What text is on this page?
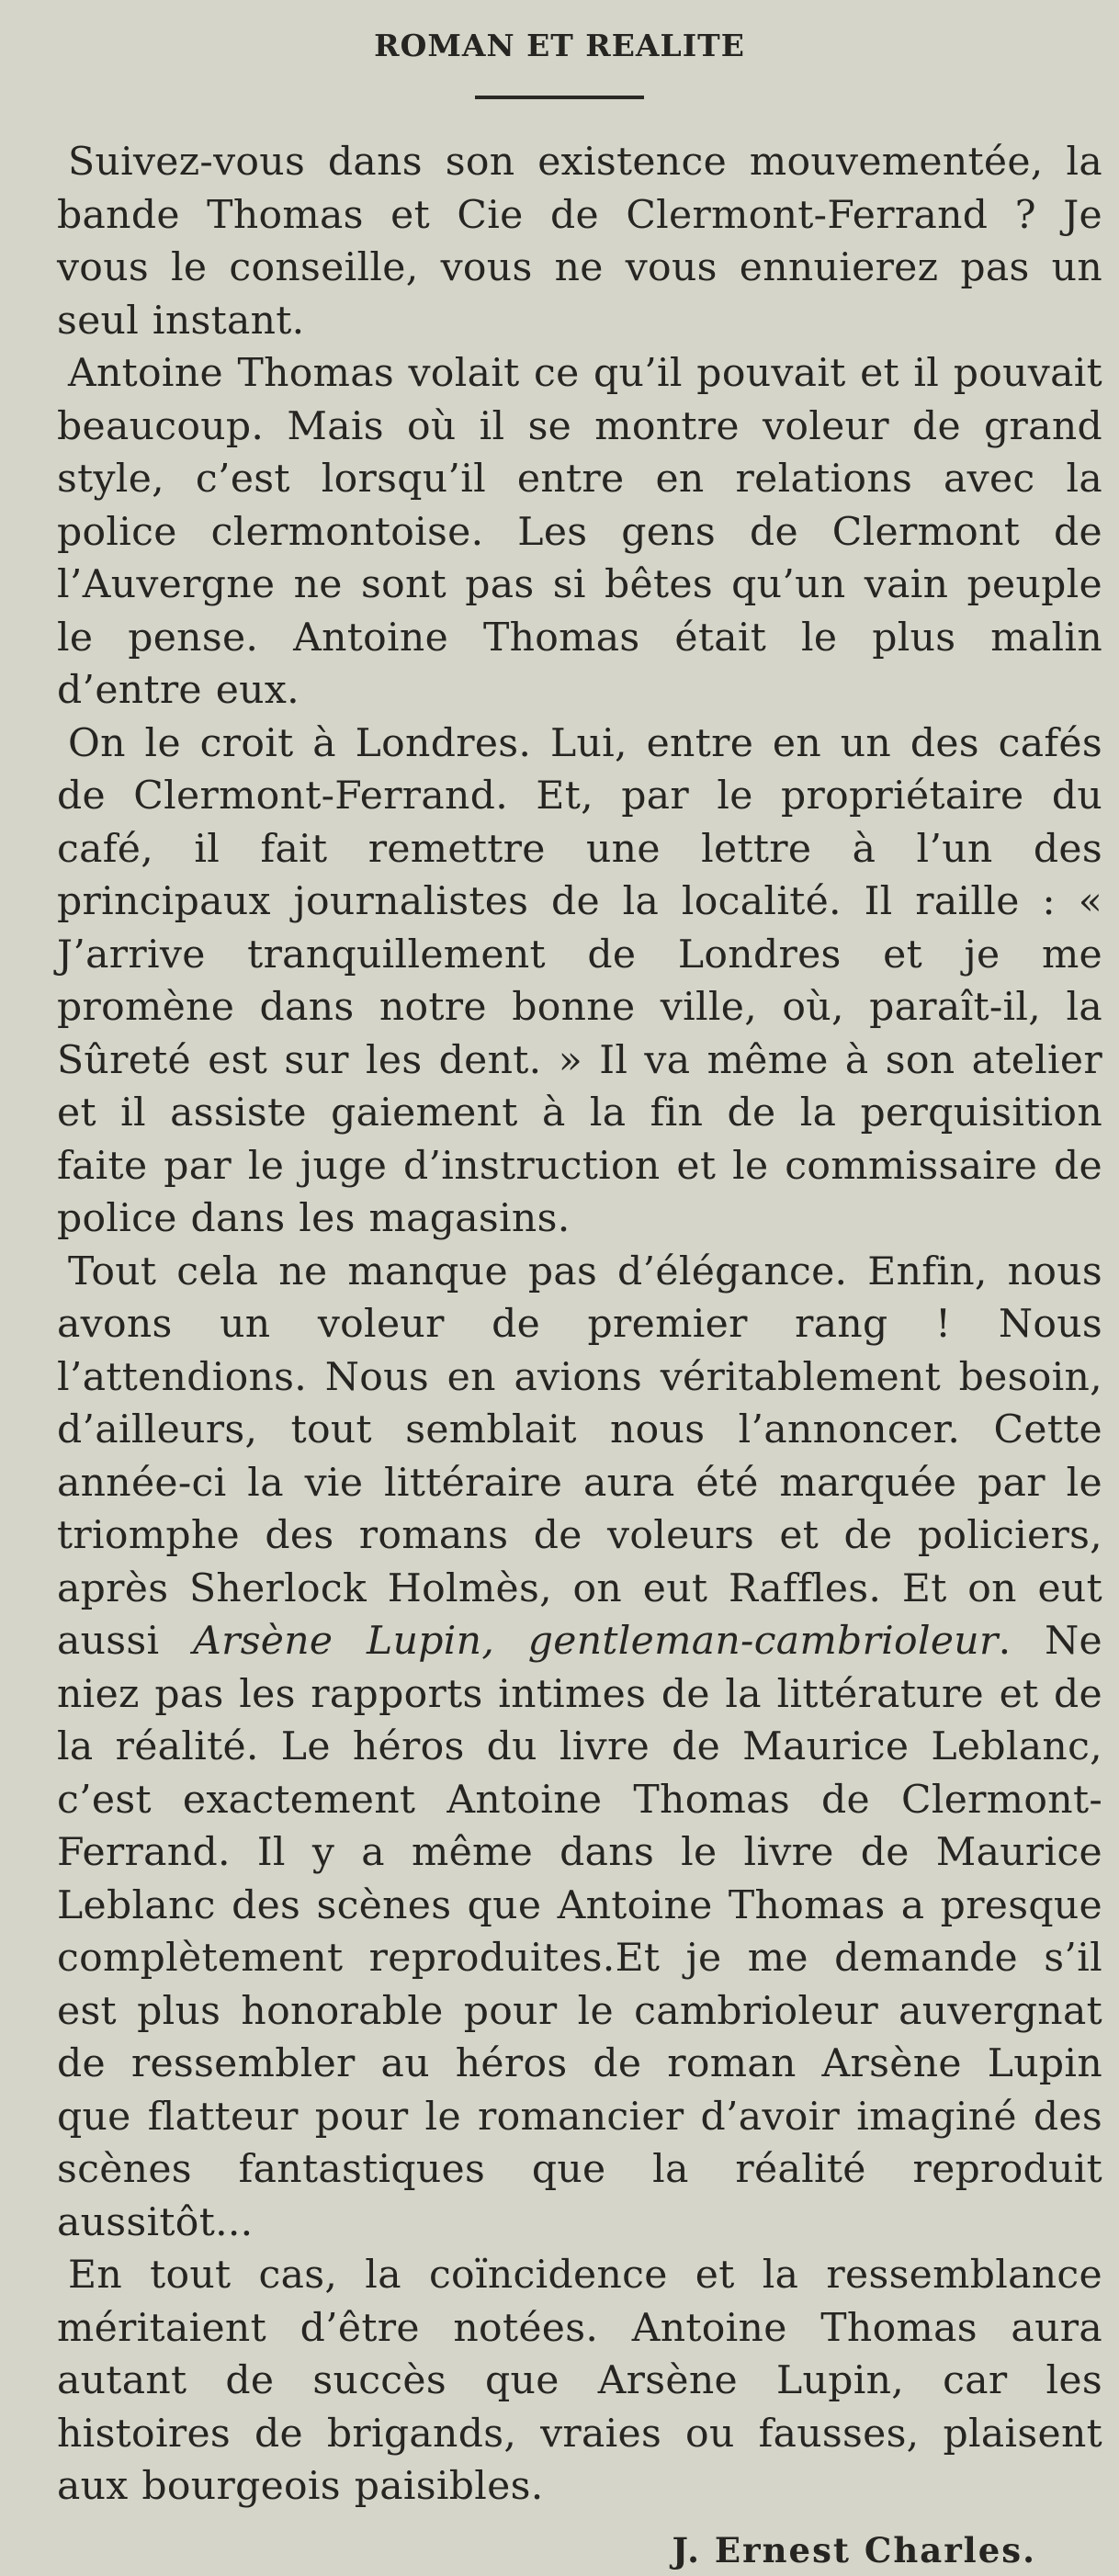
ROMAN ET REALITE

Suivez-vous dans son existence mouvementée, la bande Thomas et Cie de Clermont-Ferrand ? Je vous le conseille, vous ne vous ennuierez pas un seul instant.

Antoine Thomas volait ce qu’il pouvait et il pouvait beaucoup. Mais où il se montre voleur de grand style, c’est lorsqu’il entre en relations avec la police clermontoise. Les gens de Clermont de l’Auvergne ne sont pas si bêtes qu’un vain peuple le pense. Antoine Thomas était le plus malin d’entre eux.

On le croit à Londres. Lui, entre en un des cafés de Clermont-Ferrand. Et, par le propriétaire du café, il fait remettre une lettre à l’un des principaux journalistes de la localité. Il raille : « J’arrive tranquillement de Londres et je me promène dans notre bonne ville, où, paraît-il, la Sûreté est sur les dent. » Il va même à son atelier et il assiste gaiement à la fin de la perquisition faite par le juge d’instruction et le commissaire de police dans les magasins.

Tout cela ne manque pas d’élégance. Enfin, nous avons un voleur de premier rang ! Nous l’attendions. Nous en avions véritablement besoin, d’ailleurs, tout semblait nous l’annoncer. Cette année-ci la vie littéraire aura été marquée par le triomphe des romans de voleurs et de policiers, après Sherlock Holmès, on eut Raffles. Et on eut aussi Arsène Lupin, gentleman-cambrioleur. Ne niez pas les rapports intimes de la littérature et de la réalité. Le héros du livre de Maurice Leblanc, c’est exactement Antoine Thomas de Clermont-Ferrand. Il y a même dans le livre de Maurice Leblanc des scènes que Antoine Thomas a presque complètement reproduites.Et je me demande s’il est plus honorable pour le cambrioleur auvergnat de ressembler au héros de roman Arsène Lupin que flatteur pour le romancier d’avoir imaginé des scènes fantastiques que la réalité reproduit aussitôt...

En tout cas, la coïncidence et la ressemblance méritaient d’être notées. Antoine Thomas aura autant de succès que Arsène Lupin, car les histoires de brigands, vraies ou fausses, plaisent aux bourgeois paisibles.

J. Ernest Charles.
